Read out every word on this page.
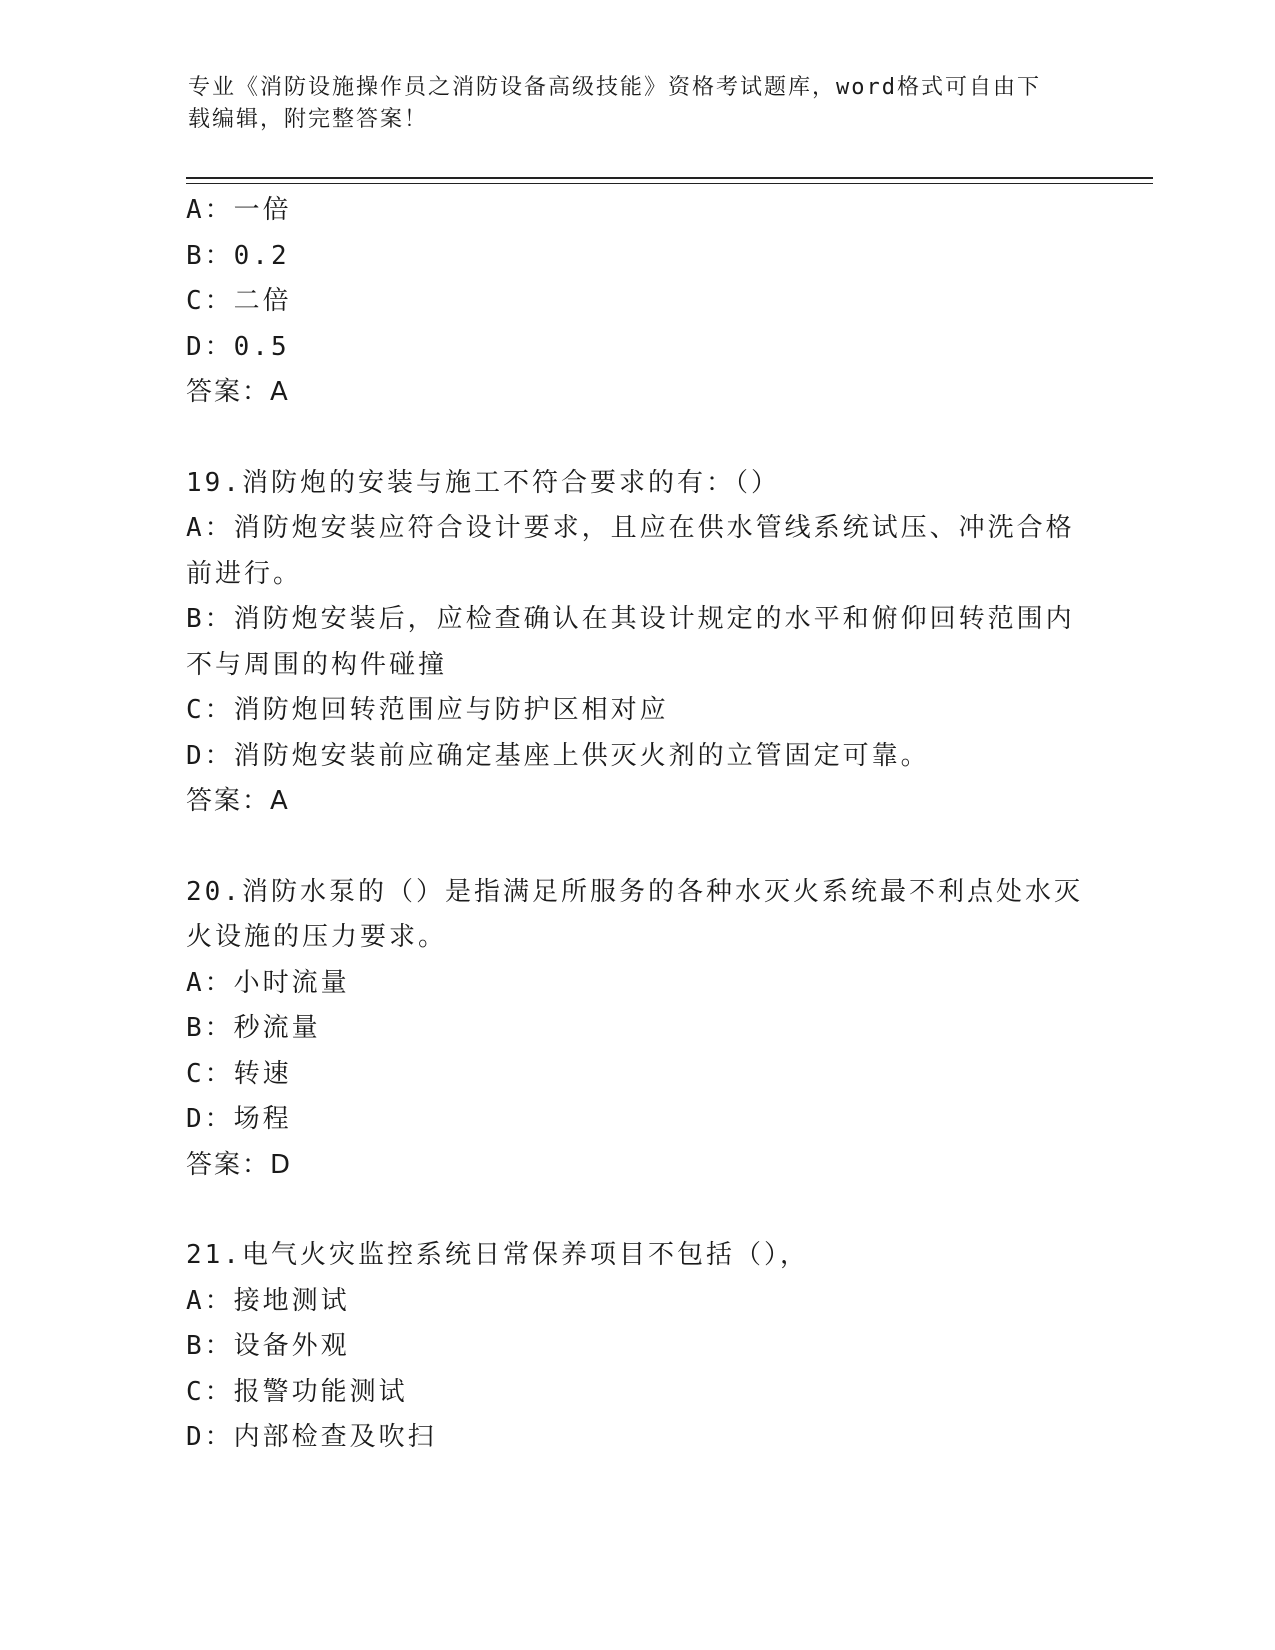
专业《消防设施操作员之消防设备高级技能》资格考试题库，word格式可自由下
载编辑，附完整答案！
A：一倍
B：0.2
C：二倍
D：0.5
答案：A
19.消防炮的安装与施工不符合要求的有：（）
A：消防炮安装应符合设计要求，且应在供水管线系统试压、冲洗合格
前进行。
B：消防炮安装后，应检查确认在其设计规定的水平和俯仰回转范围内
不与周围的构件碰撞
C：消防炮回转范围应与防护区相对应
D：消防炮安装前应确定基座上供灭火剂的立管固定可靠。
答案：A
20.消防水泵的（）是指满足所服务的各种水灭火系统最不利点处水灭
火设施的压力要求。
A：小时流量
B：秒流量
C：转速
D：场程
答案：D
21.电气火灾监控系统日常保养项目不包括（），
A：接地测试
B：设备外观
C：报警功能测试
D：内部检查及吹扫
